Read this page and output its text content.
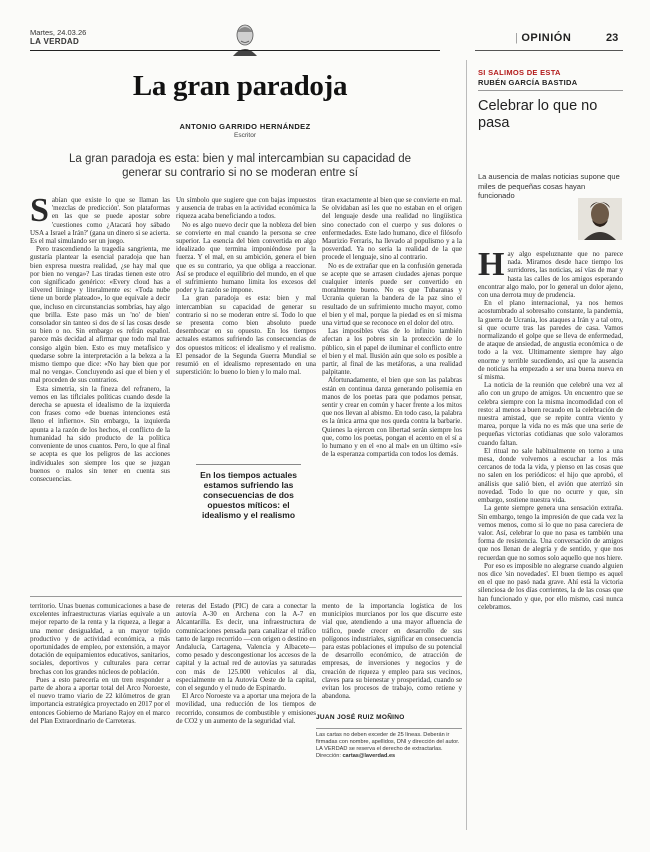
Martes, 24.03.26
LA VERDAD	| OPINIÓN	23
La gran paradoja
ANTONIO GARRIDO HERNÁNDEZ
Escritor
La gran paradoja es esta: bien y mal intercambian su capacidad de generar su contrario si no se moderan entre sí

Sabían que existe lo que se llaman las 'mezclas de predicción'. Son plataformas en las que se puede apostar sobre 'cuestiones como ¿Atacará hoy sábado USA a Israel a Irán?' (gana un dinero si se acierta. Es el mal simulando ser un juego.

Pero trascendiendo la tragedia sangrienta, me gustaría plantear la esencial paradoja que han bien expresa nuestra realidad, ¿se hay mal que por bien no venga»? Las tiradas tienen este otro con significado genérico: «Every cloud has a silvered lining» y literalmente es: «Toda nube tiene un borde plateado», lo que equivale a decir que, incluso en circunstancias sombrías, hay algo que brilla. Este paso más un 'no' de bien' consolador sin tanteo si dos de sí las cosas desde su bien o no. Sin embargo es refrán español. parece más decidad al afirmar que todo mal trae consigo algún bien. Esto es muy metafísico y quedarse sobre la interpretación a la beleza a la mismo tiempo que dice: «No hay bien que por mal no venga». Concluyendo así que el bien y el mal proceden de sus contrarios.

Esta simetría, sin la fineza del refranero, la vemos en las tiflciales políticas cuando desde la derecha se apuesta el idealismo de la izquierda con frases como «de buenas intenciones está lleno el infierno». Sin embargo, la izquierda apunta a la razón de los hechos, el conflicto de la humanidad ha sido producto de la política conveniente de unos cuantos. Pero, lo que al final se acepta es que los peligros de las acciones individuales son siempre los que se juzgan buenos o malos sin tener en cuenta sus consecuencias.

Un símbolo que sugiere que con bajas impuestos y ausencia de trabas en la actividad económica la riqueza acaba beneficiando a todos.

No es algo nuevo decir que la nobleza del bien se convierte en mal cuando la persona se cree superior. La esencia del bien convertida en algo idealizado que termina imponiéndose por la fuerza. Y el mal, en su ambición, genera el bien que es su contrario, ya que obliga a reaccionar. Así se produce el equilibrio del mundo, en el que el sufrimiento humano limita los excesos del poder y la razón se impone.

La gran paradoja es esta: bien y mal intercambian su capacidad de generar su contrario si no se moderan entre sí. Todo lo que se presenta como bien absoluto puede desembocar en su opuesto. En los tiempos actuales estamos sufriendo las consecuencias de dos opuestos míticos: el idealismo y el realismo. El pensador de la Segunda Guerra Mundial se resumió en el idealismo representado en una superstición: lo bueno lo bien y lo malo mal.

En los tiempos actuales estamos sufriendo las consecuencias de dos opuestos míticos: el idealismo y el realismo

tiran exactamente al bien que se convierte en mal. Se olvidaban así les que no estaban en el origen del lenguaje desde una realidad no lingüística sino conectado con el cuerpo y sus dolores o enfermedades. Este lado humano, dice el filósofo Maurizio Ferraris, ha llevado al populismo y a la posverdad. Ya no sería la realidad de la que procede el lenguaje, sino al contrario.

No es de extrañar que en la confusión generada se acepte que se arrasen ciudades ajenas porque cualquier interés puede ser convertido en moralmente bueno. No es que Tubaranas y Ucrania quieran la bandera de la paz sino el resultado de un sufrimiento mucho mayor, como el bien y el mal, porque la piedad es en sí misma una virtud que se reconoce en el dolor del otro.

Las imposibles vías de lo infinito también afectan a los pobres sin la protección de lo público, sin el papel de iluminar el conflicto entre el bien y el mal. Ilusión aún que solo es posible a partir, al final de las metáforas, a una realidad palpitante.

Afortunadamente, el bien que son las palabras están en continua danza generando polisemia en manos de los poetas para que podamos pensar, sentir y crear en común y hacer frente a los mitos que nos llevan al abismo. En todo caso, la palabra es la única arma que nos queda contra la barbarie. Quienes la ejercen con libertad serán siempre los que, como los poetas, pongan el acento en el sí a lo humano y en el «no al mal» en un último «sí» de la esperanza compartida con todos los demás.

territorio. Unas buenas comunicaciones a base de excelentes infraestructuras viarias equivale a un mejor reparto de la renta y la riqueza, a llegar a una menor desigualdad, a un mayor tejido productivo y de actividad económica, a más oportunidades de empleo, por extensión, a mayor dotación de equipamientos educativos, sanitarios, sociales, deportivos y culturales para cerrar brechas con los grandes núcleos de población.

Pues a esto parecería en un tren responder a parte de ahora a aportar total del Arco Noroeste, el nuevo tramo viario de 22 kilómetros de gran importancia estratégica proyectado en 2017 por el entonces Gobierno de Mariano Rajoy en el marco del Plan Extraordinario de Carreteras.

reteras del Estado (PIC) de cara a conectar la autovía A-30 en Archena con la A-7 en Alcantarilla. Es decir, una infraestructura de comunicaciones pensada para canalizar el tráfico tanto de largo recorrido —con origen o destino en Andalucía, Cartagena, Valencia y Albacete— como pesado y descongestionar los accesos de la capital y la actual red de autovías ya saturadas con más de 125.000 vehículos al día, especialmente en la Autovía Oeste de la capital, con el segundo y el nudo de Espinardo.

El Arco Noroeste va a aportar una mejora de la movilidad, una reducción de los tiempos de recorrido, consumos de combustible y emisiones de CO2 y un aumento de la seguridad vial.

mento de la importancia logística de los municipios murcianos por los que discurre este vial que, atendiendo a una mayor afluencia de tráfico, puede crecer en desarrollo de sus polígonos industriales, significar en consecuencia para estas poblaciones el impulso de su potencial de desarrollo económico, de atracción de empresas, de inversiones y negocios y de creación de riqueza y empleo para sus vecinos, claves para su bienestar y prosperidad, cuando se evitan los procesos de trabajo, como retiene y abandona.

JUAN JOSÉ RUIZ MOÑINO
Las cartas no deben exceder de 25 líneas. Deberán ir firmadas con nombre, apellidos, DNI y dirección del autor. LA VERDAD se reserva el derecho de extractarlas. Dirección: cartas@laverdad.es
SI SALIMOS DE ESTA
RUBÉN GARCÍA BASTIDA
Celebrar lo que no pasa
La ausencia de malas noticias supone que miles de pequeñas cosas hayan funcionado

Hay algo espeluznante que no parece nada. Miramos desde hace tiempo los surridores, las noticias, así vías de mar y hasta las calles de los amigos esperando encontrar algo malo, por lo general un dolor ajeno, con una derrota muy de prudencia.

En el plano internacional, ya nos hemos acostumbrado al sobresalto constante, la pandemia, la guerra de Ucrania, los ataques a Irán y a tal otro, si que ocurre tras las paredes de casa. Vamos normalizando el golpe que se lleva de enfermedad, de ataque de ansiedad, de angustia económica o de todo a la vez. Ultimamente siempre hay algo enorme y terrible sucediendo, así que la ausencia de noticias ha empezado a ser una buena nueva en sí misma.

La noticia de la reunión que celebré una vez al año con un grupo de amigos. Un encuentro que se celebra siempre con la misma incomodidad con el resto: al menos a buen recaudo en la celebración de nuestra amistad, que se repite contra viento y marea, porque la vida no es más que una serie de pequeñas victorias cotidianas que solo valoramos cuando faltan.

El ritual no sale habitualmente en torno a una mesa, donde volvemos a escuchar a los más cercanos de toda la vida, y pienso en las cosas que no salen en los periódicos: el hijo que aprobó, el análisis que salió bien, el avión que aterrizó sin novedad. Todo lo que no ocurre y que, sin embargo, sostiene nuestra vida.

La gente siempre genera una sensación extraña. Sin embargo, tengo la impresión de que cada vez la vemos menos, como si lo que no pasa careciera de valor. Así, celebrar lo que no pasa es también una forma de resistencia. Una conversación de amigos que nos llenan de alegría y de sentido, y que nos recuerdan que no somos solo aquello que nos hiere.

Por eso es imposible no alegrarse cuando alguien nos dice 'sin novedades'. El buen tiempo es aquel en el que no pasó nada grave. Ahí está la victoria silenciosa de los días corrientes, la de las cosas que han funcionado y que, por ello mismo, casi nunca celebramos.
